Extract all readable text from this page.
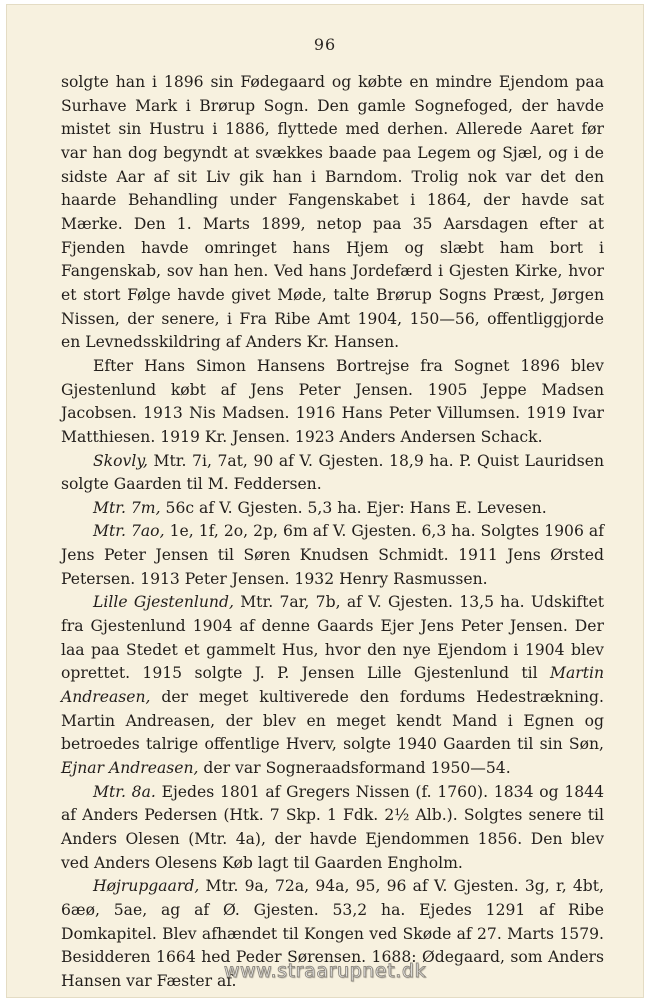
96

solgte han i 1896 sin Fødegaard og købte en mindre Ejendom paa Surhave Mark i Brørup Sogn. Den gamle Sognefoged, der havde mistet sin Hustru i 1886, flyttede med derhen. Allerede Aaret før var han dog begyndt at svækkes baade paa Legem og Sjæl, og i de sidste Aar af sit Liv gik han i Barndom. Trolig nok var det den haarde Behandling under Fangenskabet i 1864, der havde sat Mærke. Den 1. Marts 1899, netop paa 35 Aarsdagen efter at Fjenden havde omringet hans Hjem og slæbt ham bort i Fangenskab, sov han hen. Ved hans Jordefærd i Gjesten Kirke, hvor et stort Følge havde givet Møde, talte Brørup Sogns Præst, Jørgen Nissen, der senere, i Fra Ribe Amt 1904, 150—56, offentliggjorde en Levnedsskildring af Anders Kr. Hansen.

Efter Hans Simon Hansens Bortrejse fra Sognet 1896 blev Gjestenlund købt af Jens Peter Jensen. 1905 Jeppe Madsen Jacobsen. 1913 Nis Madsen. 1916 Hans Peter Villumsen. 1919 Ivar Matthiesen. 1919 Kr. Jensen. 1923 Anders Andersen Schack.

Skovly, Mtr. 7i, 7at, 90 af V. Gjesten. 18,9 ha. P. Quist Lauridsen solgte Gaarden til M. Feddersen.

Mtr. 7m, 56c af V. Gjesten. 5,3 ha. Ejer: Hans E. Levesen.

Mtr. 7ao, 1e, 1f, 2o, 2p, 6m af V. Gjesten. 6,3 ha. Solgtes 1906 af Jens Peter Jensen til Søren Knudsen Schmidt. 1911 Jens Ørsted Petersen. 1913 Peter Jensen. 1932 Henry Rasmussen.

Lille Gjestenlund, Mtr. 7ar, 7b, af V. Gjesten. 13,5 ha. Udskiftet fra Gjestenlund 1904 af denne Gaards Ejer Jens Peter Jensen. Der laa paa Stedet et gammelt Hus, hvor den nye Ejendom i 1904 blev oprettet. 1915 solgte J. P. Jensen Lille Gjestenlund til Martin Andreasen, der meget kultiverede den fordums Hedestrækning. Martin Andreasen, der blev en meget kendt Mand i Egnen og betroedes talrige offentlige Hverv, solgte 1940 Gaarden til sin Søn, Ejnar Andreasen, der var Sogneraadsformand 1950—54.

Mtr. 8a. Ejedes 1801 af Gregers Nissen (f. 1760). 1834 og 1844 af Anders Pedersen (Htk. 7 Skp. 1 Fdk. 2½ Alb.). Solgtes senere til Anders Olesen (Mtr. 4a), der havde Ejendommen 1856. Den blev ved Anders Olesens Køb lagt til Gaarden Engholm.

Højrupgaard, Mtr. 9a, 72a, 94a, 95, 96 af V. Gjesten. 3g, r, 4bt, 6æø, 5ae, ag af Ø. Gjesten. 53,2 ha. Ejedes 1291 af Ribe Domkapitel. Blev afhændet til Kongen ved Skøde af 27. Marts 1579. Besidderen 1664 hed Peder Sørensen. 1688: Ødegaard, som Anders Hansen var Fæster af.

www.straarupnet.dk
